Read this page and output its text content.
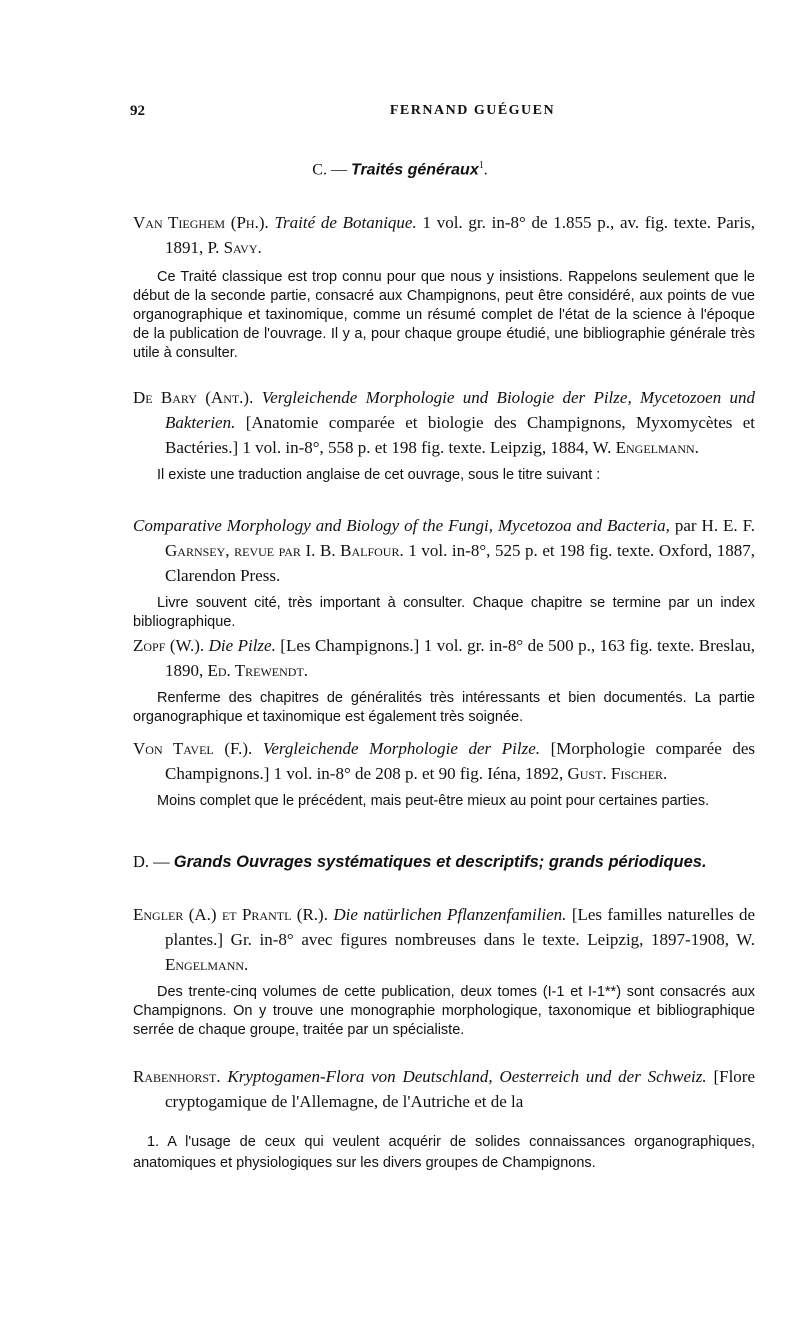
92	FERNAND GUÉGUEN
C. — Traités généraux$^1$.

Van Tieghem (Ph.). Traité de Botanique. 1 vol. gr. in-8° de 1.855 p., av. fig. texte. Paris, 1891, P. Savy.

Ce Traité classique est trop connu pour que nous y insistions. Rappelons seulement que le début de la seconde partie, consacré aux Champignons, peut être considéré, aux points de vue organographique et taxinomique, comme un résumé complet de l'état de la science à l'époque de la publication de l'ouvrage. Il y a, pour chaque groupe étudié, une bibliographie générale très utile à consulter.

De Bary (Ant.). Vergleichende Morphologie und Biologie der Pilze, Mycetozoen und Bakterien. [Anatomie comparée et biologie des Champignons, Myxomycètes et Bactéries.] 1 vol. in-8°, 558 p. et 198 fig. texte. Leipzig, 1884, W. Engelmann.

Il existe une traduction anglaise de cet ouvrage, sous le titre suivant :

Comparative Morphology and Biology of the Fungi, Mycetozoa and Bacteria, par H. E. F. Garnsey, revue par I. B. Balfour. 1 vol. in-8°, 525 p. et 198 fig. texte. Oxford, 1887, Clarendon Press.

Livre souvent cité, très important à consulter. Chaque chapitre se termine par un index bibliographique.

Zopf (W.). Die Pilze. [Les Champignons.] 1 vol. gr. in-8° de 500 p., 163 fig. texte. Breslau, 1890, Ed. Trewendt.

Renferme des chapitres de généralités très intéressants et bien documentés. La partie organographique et taxinomique est également très soignée.

Von Tavel (F.). Vergleichende Morphologie der Pilze. [Morphologie comparée des Champignons.] 1 vol. in-8° de 208 p. et 90 fig. Iéna, 1892, Gust. Fischer.

Moins complet que le précédent, mais peut-être mieux au point pour certaines parties.

D. — Grands Ouvrages systématiques et descriptifs; grands périodiques.

Engler (A.) et Prantl (R.). Die natürlichen Pflanzenfamilien. [Les familles naturelles de plantes.] Gr. in-8° avec figures nombreuses dans le texte. Leipzig, 1897-1908, W. Engelmann.

Des trente-cinq volumes de cette publication, deux tomes (I-1 et I-1**) sont consacrés aux Champignons. On y trouve une monographie morphologique, taxonomique et bibliographique serrée de chaque groupe, traitée par un spécialiste.

Rabenhorst. Kryptogamen-Flora von Deutschland, Oesterreich und der Schweiz. [Flore cryptogamique de l'Allemagne, de l'Autriche et de la

1. A l'usage de ceux qui veulent acquérir de solides connaissances organographiques, anatomiques et physiologiques sur les divers groupes de Champignons.
